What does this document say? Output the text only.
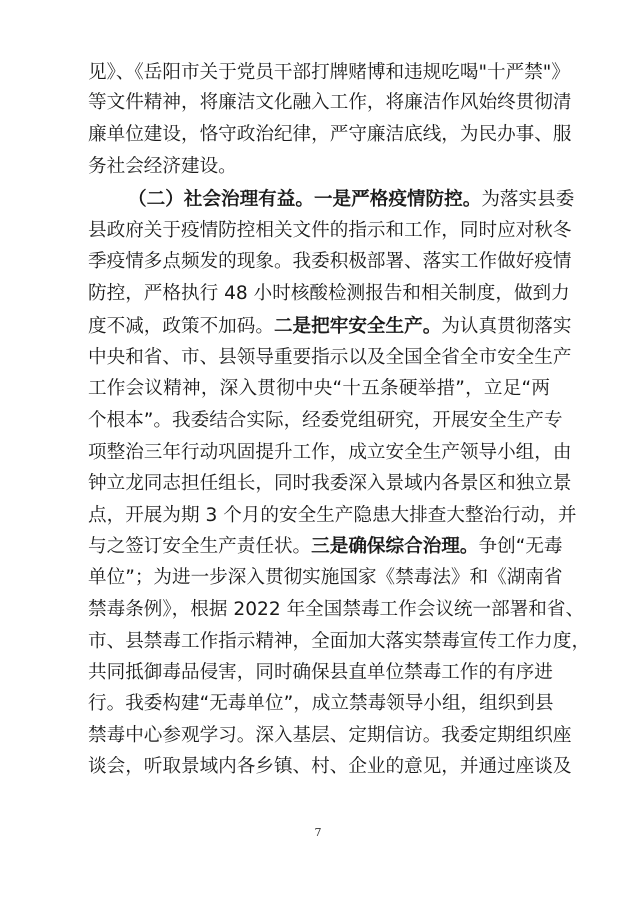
见》、《岳阳市关于党员干部打牌赌博和违规吃喝"十严禁"》
等文件精神，将廉洁文化融入工作，将廉洁作风始终贯彻清
廉单位建设，恪守政治纪律，严守廉洁底线，为民办事、服
务社会经济建设。
（二）社会治理有益。一是严格疫情防控。为落实县委
县政府关于疫情防控相关文件的指示和工作，同时应对秋冬
季疫情多点频发的现象。我委积极部署、落实工作做好疫情
防控，严格执行 48 小时核酸检测报告和相关制度，做到力
度不减，政策不加码。二是把牢安全生产。为认真贯彻落实
中央和省、市、县领导重要指示以及全国全省全市安全生产
工作会议精神，深入贯彻中央“十五条硬举措”，立足“两
个根本”。我委结合实际，经委党组研究，开展安全生产专
项整治三年行动巩固提升工作，成立安全生产领导小组，由
钟立龙同志担任组长，同时我委深入景域内各景区和独立景
点，开展为期 3 个月的安全生产隐患大排查大整治行动，并
与之签订安全生产责任状。三是确保综合治理。争创“无毒
单位”；为进一步深入贯彻实施国家《禁毒法》和《湖南省
禁毒条例》，根据 2022 年全国禁毒工作会议统一部署和省、
市、县禁毒工作指示精神，全面加大落实禁毒宣传工作力度，
共同抵御毒品侵害，同时确保县直单位禁毒工作的有序进
行。我委构建“无毒单位”，成立禁毒领导小组，组织到县
禁毒中心参观学习。深入基层、定期信访。我委定期组织座
谈会，听取景域内各乡镇、村、企业的意见，并通过座谈及
7
